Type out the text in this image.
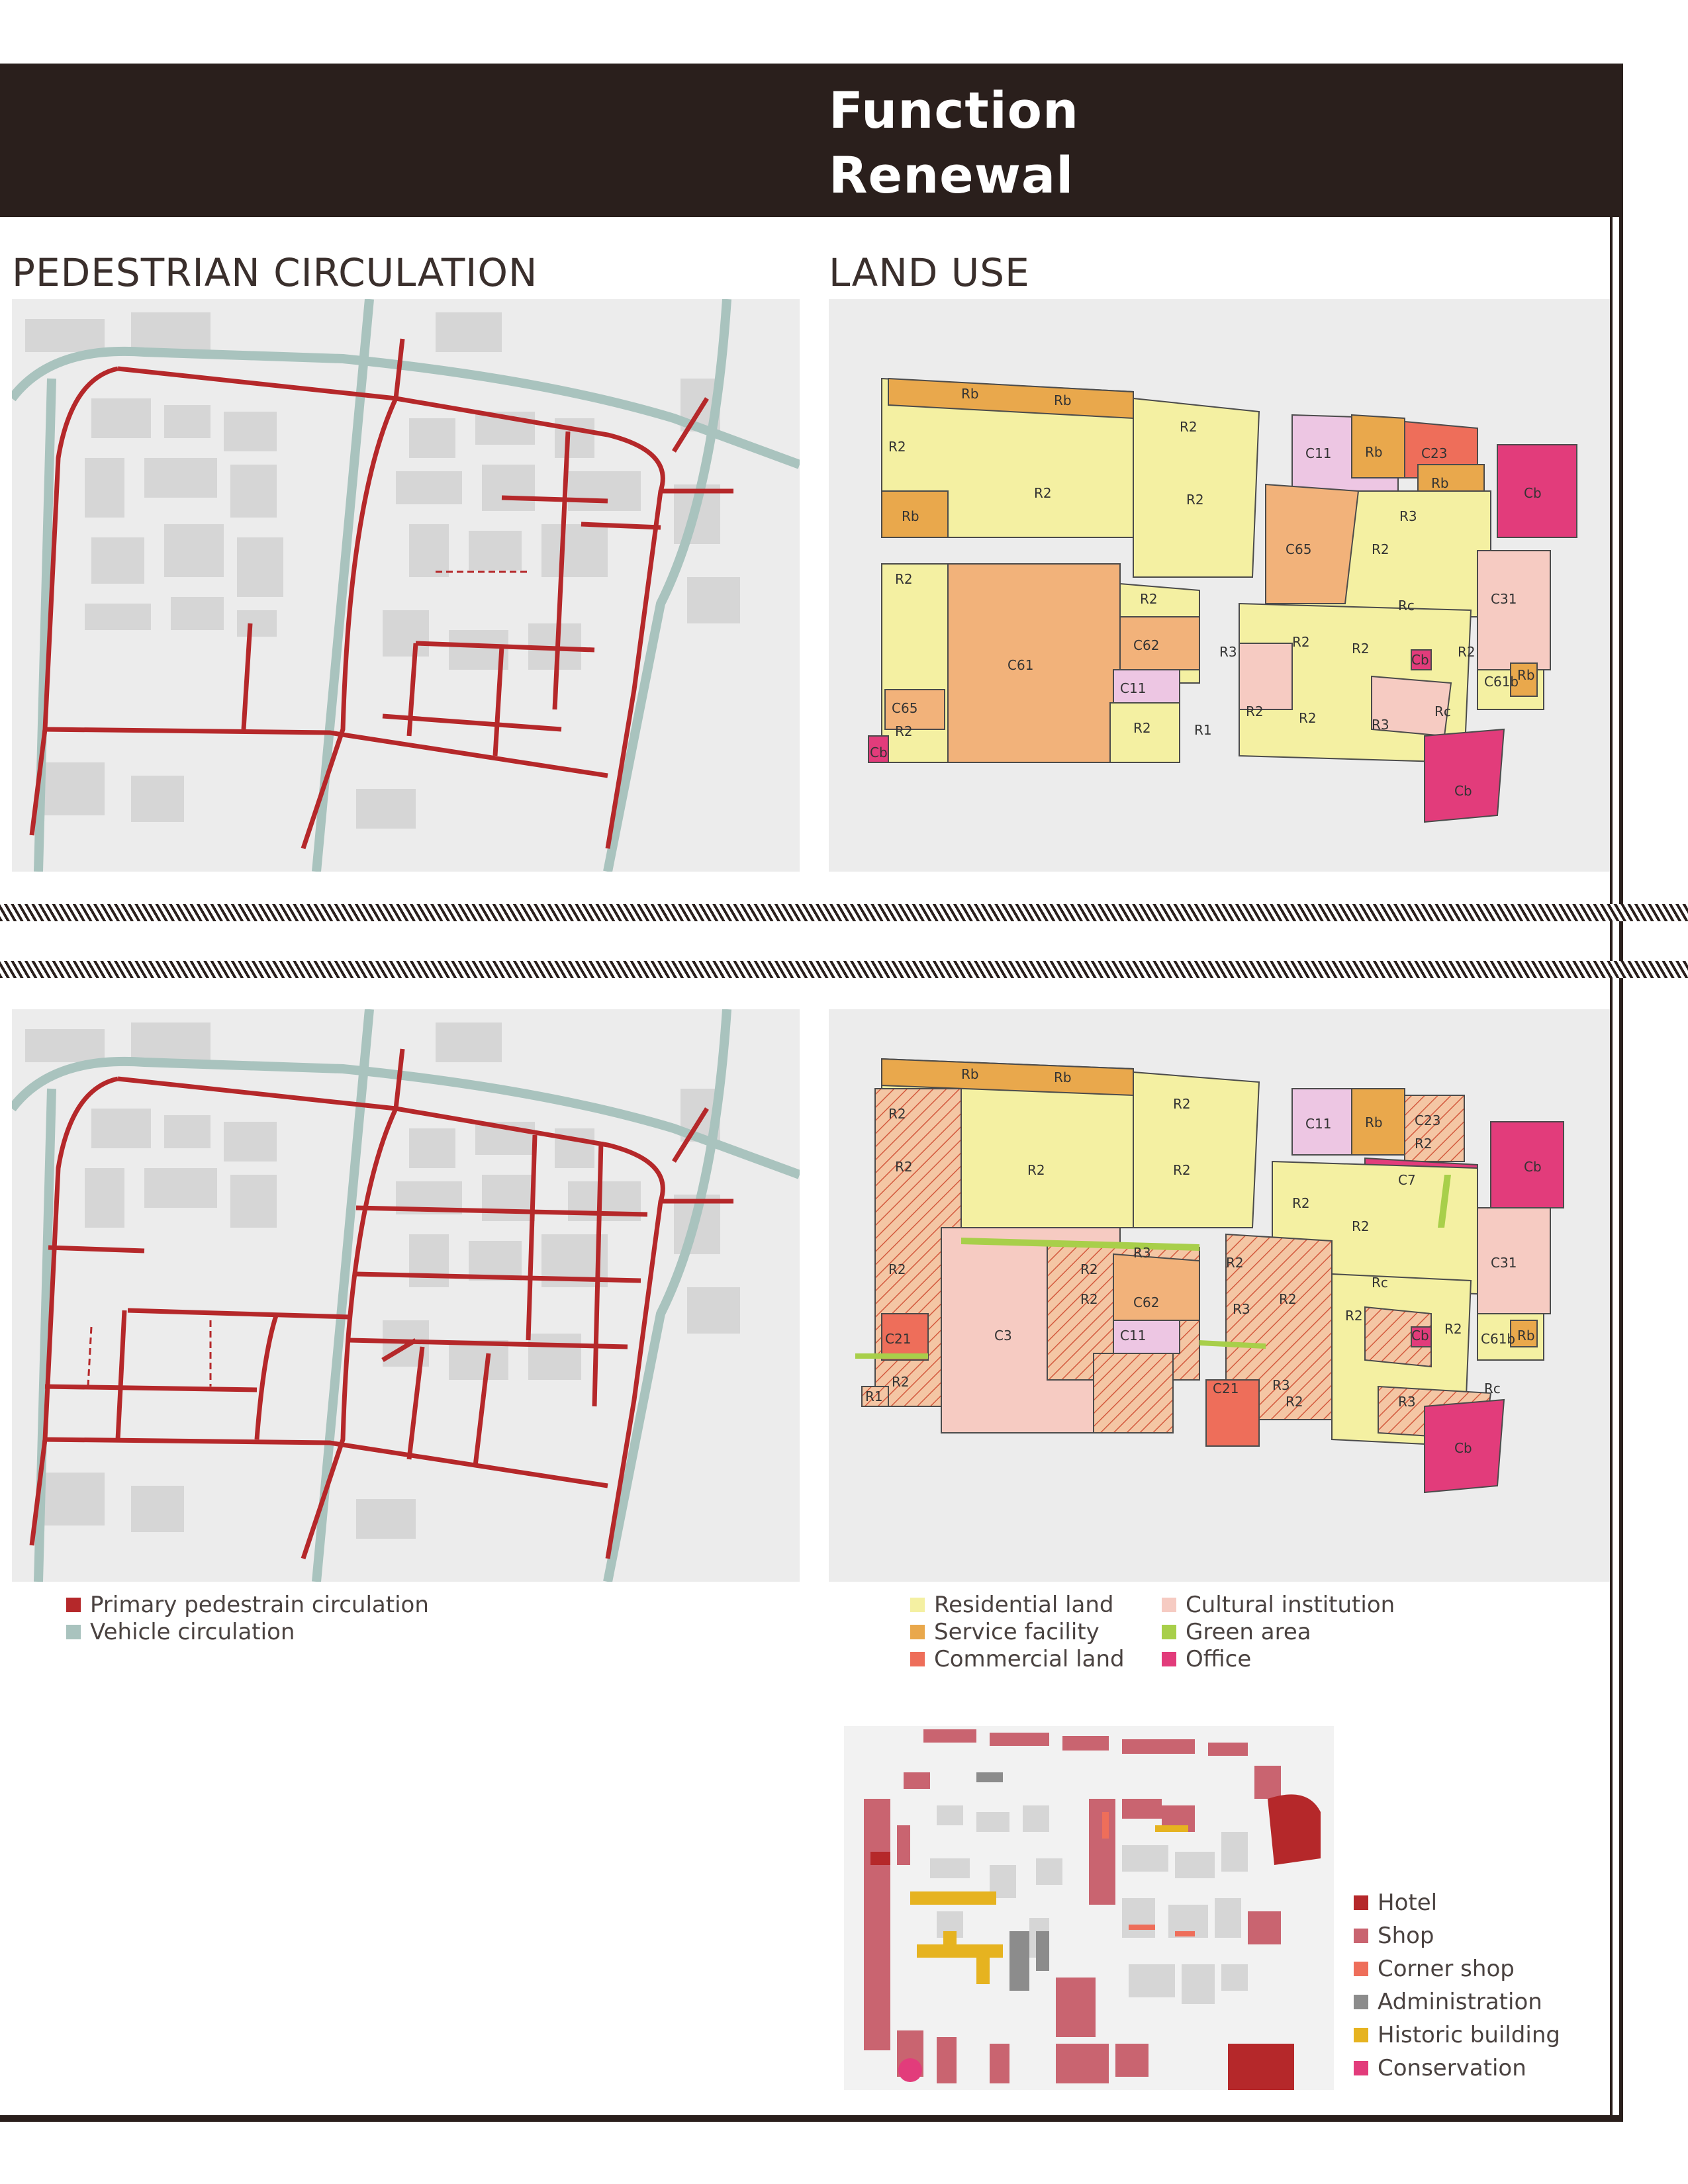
Function
Renewal
PEDESTRIAN CIRCULATION	LAND USE
Rb	Rb
R2
R2
R2
Rb
R2
R2
R2
C61
C62
C11
R2
C65
R2
Cb
C11	Rb	C23
Rb
R3
Cb
C65	R2
Rc	C31
R3
R2	R2	R2
Cb
C61b
Rb
R1
R2	R2	R3
Rc
Cb
Rb	Rb
R2
R2
R2
R2	R2
R2	R2
C3
R3
R2	C62
C21	C11
R2
R1
C11	Rb C23
R2
C7
Cb
R2
R2
R2
Rc
C31
R3
R2
R2
R2
Cb	C61b Rb
C21	R3
R2	R3
Rc
Cb
Primary pedestrain circulation
Vehicle circulation
Residential land	Cultural institution
Service facility	Green area
Commercial land	Office
Hotel
Shop
Corner shop
Administration
Historic building
Conservation
